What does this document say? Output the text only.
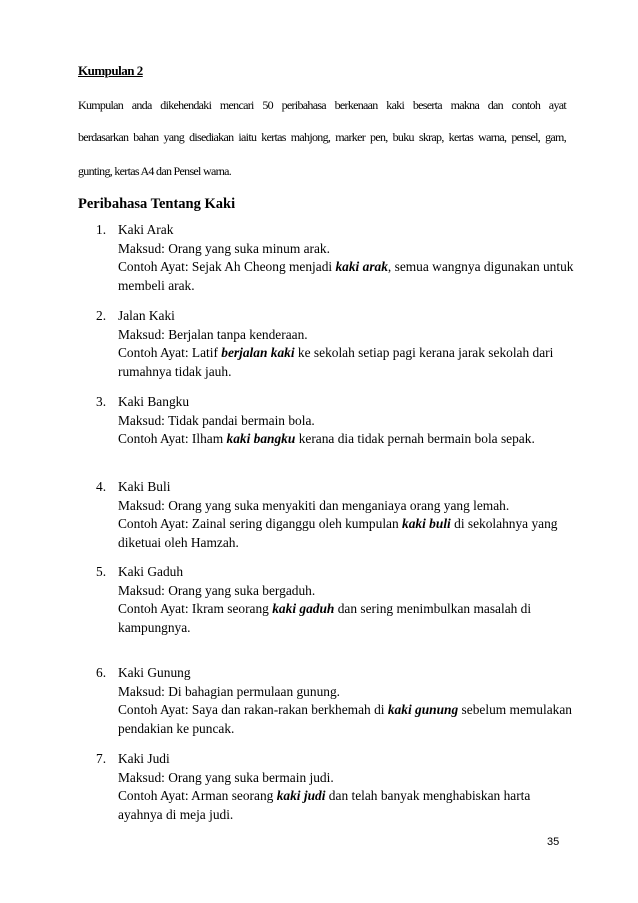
Kumpulan 2
Kumpulan anda dikehendaki mencari 50 peribahasa berkenaan kaki beserta makna dan contoh ayat
berdasarkan bahan yang disediakan iaitu kertas mahjong, marker pen, buku skrap, kertas warna, pensel, gam,
gunting, kertas A4 dan Pensel warna.
Peribahasa Tentang Kaki
1. Kaki Arak
Maksud: Orang yang suka minum arak.
Contoh Ayat: Sejak Ah Cheong menjadi kaki arak, semua wangnya digunakan untuk membeli arak.
2. Jalan Kaki
Maksud: Berjalan tanpa kenderaan.
Contoh Ayat: Latif berjalan kaki ke sekolah setiap pagi kerana jarak sekolah dari rumahnya tidak jauh.
3. Kaki Bangku
Maksud: Tidak pandai bermain bola.
Contoh Ayat: Ilham kaki bangku kerana dia tidak pernah bermain bola sepak.
4. Kaki Buli
Maksud: Orang yang suka menyakiti dan menganiaya orang yang lemah.
Contoh Ayat: Zainal sering diganggu oleh kumpulan kaki buli di sekolahnya yang diketuai oleh Hamzah.
5. Kaki Gaduh
Maksud: Orang yang suka bergaduh.
Contoh Ayat: Ikram seorang kaki gaduh dan sering menimbulkan masalah di kampungnya.
6. Kaki Gunung
Maksud: Di bahagian permulaan gunung.
Contoh Ayat: Saya dan rakan-rakan berkhemah di kaki gunung sebelum memulakan pendakian ke puncak.
7. Kaki Judi
Maksud: Orang yang suka bermain judi.
Contoh Ayat: Arman seorang kaki judi dan telah banyak menghabiskan harta ayahnya di meja judi.
35
